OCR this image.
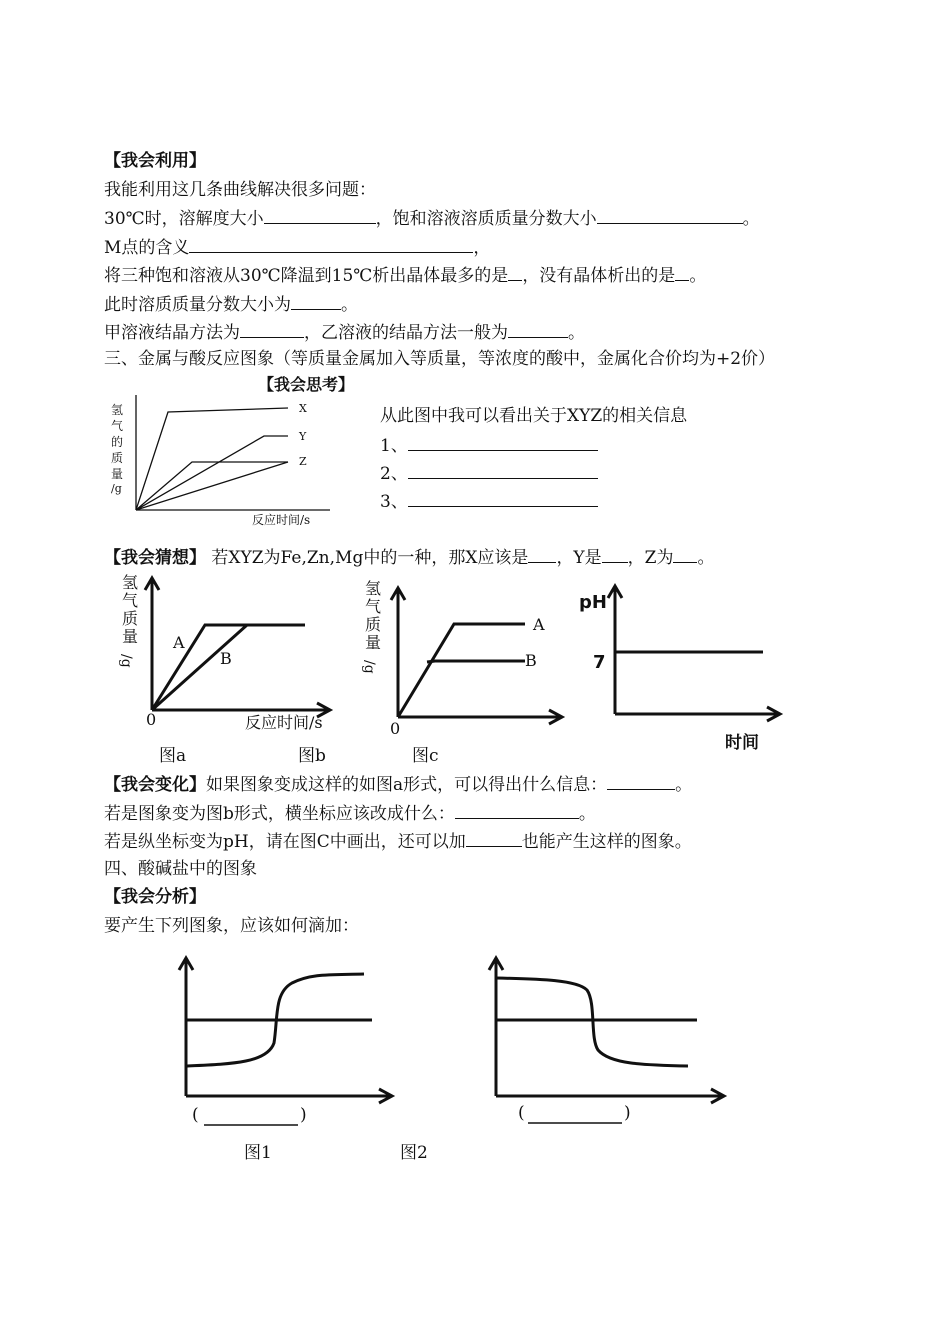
【我会利用】
我能利用这几条曲线解决很多问题：
30℃时，溶解度大小	，饱和溶液溶质质量分数大小	。
M点的含义	，
将三种饱和溶液从30℃降温到15℃析出晶体最多的是 ，没有晶体析出的是 。
此时溶质质量分数大小为	。
甲溶液结晶方法为	，乙溶液的结晶方法一般为	。
三、金属与酸反应图象（等质量金属加入等质量，等浓度的酸中，金属化合价均为+2价）
【我会思考】
氢
气
的
质
量
/g
X
Y
Z
反应时间/s
从此图中我可以看出关于XYZ的相关信息
1、
2、
3、
【我会猜想】 若XYZ为Fe,Zn,Mg中的一种，那X应该是 ，Y是 ，Z为 。
氢
气
质
量
/g
A
B
0	反应时间/s
氢
气
质
量
/g
A
B
0
pH
7
时间
图a	图b	图c
【我会变化】如果图象变成这样的如图a形式，可以得出什么信息：	。
若是图象变为图b形式，横坐标应该改成什么：	。
若是纵坐标变为pH，请在图C中画出，还可以加	也能产生这样的图象。
四、酸碱盐中的图象
【我会分析】
要产生下列图象，应该如何滴加：
(	)	(	)
图1	图2
